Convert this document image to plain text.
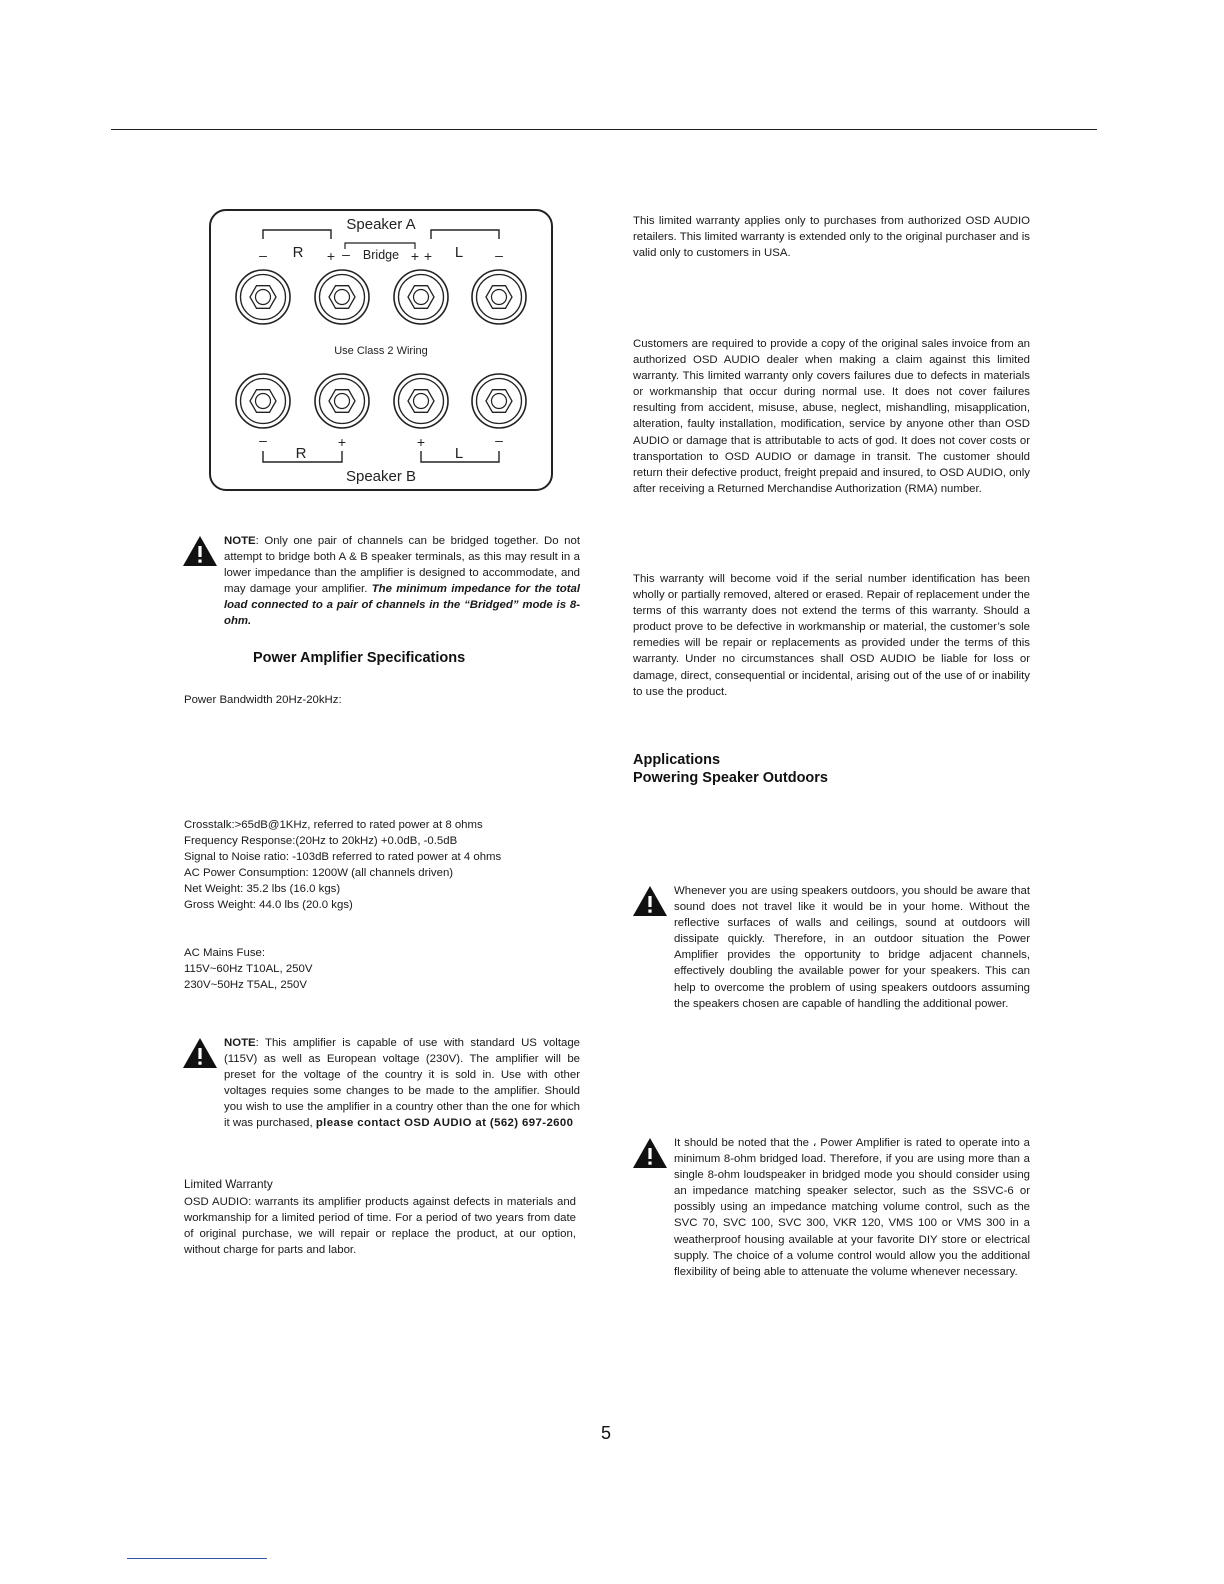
Speaker A
Bridge
– R + –	+ + L –
Use Class 2 Wiring
–	+	+	–
R	L
Speaker B

NOTE: Only one pair of channels can be bridged together. Do not attempt to bridge both A & B speaker terminals, as this may result in a lower impedance than the amplifier is designed to accommodate, and may damage your amplifier. The minimum impedance for the total load connected to a pair of channels in the “Bridged” mode is 8-ohm.

Power Amplifier Specifications
Power Bandwidth 20Hz-20kHz:
Crosstalk:>65dB@1KHz, referred to rated power at 8 ohms
Frequency Response:(20Hz to 20kHz) +0.0dB, -0.5dB
Signal to Noise ratio: -103dB referred to rated power at 4 ohms
AC Power Consumption: 1200W (all channels driven)
Net Weight: 35.2 lbs (16.0 kgs)
Gross Weight: 44.0 lbs (20.0 kgs)
AC Mains Fuse:
115V~60Hz T10AL, 250V
230V~50Hz T5AL, 250V

NOTE: This amplifier is capable of use with standard US voltage (115V) as well as European voltage (230V). The amplifier will be preset for the voltage of the country it is sold in. Use with other voltages requies some changes to be made to the amplifier. Should you wish to use the amplifier in a country other than the one for which it was purchased, please contact OSD AUDIO at (562) 697-2600

Limited Warranty

OSD AUDIO: warrants its amplifier products against defects in materials and workmanship for a limited period of time. For a period of two years from date of original purchase, we will repair or replace the product, at our option, without charge for parts and labor.

This limited warranty applies only to purchases from authorized OSD AUDIO retailers. This limited warranty is extended only to the original purchaser and is valid only to customers in USA.

Customers are required to provide a copy of the original sales invoice from an authorized OSD AUDIO dealer when making a claim against this limited warranty. This limited warranty only covers failures due to defects in materials or workmanship that occur during normal use. It does not cover failures resulting from accident, misuse, abuse, neglect, mishandling, misapplication, alteration, faulty installation, modification, service by anyone other than OSD AUDIO or damage that is attributable to acts of god. It does not cover costs or transportation to OSD AUDIO or damage in transit. The customer should return their defective product, freight prepaid and insured, to OSD AUDIO, only after receiving a Returned Merchandise Authorization (RMA) number.

This warranty will become void if the serial number identification has been wholly or partially removed, altered or erased. Repair of replacement under the terms of this warranty does not extend the terms of this warranty. Should a product prove to be defective in workmanship or material, the customer’s sole remedies will be repair or replacements as provided under the terms of this warranty. Under no circumstances shall OSD AUDIO be liable for loss or damage, direct, consequential or incidental, arising out of the use of or inability to use the product.

Applications
Powering Speaker Outdoors

Whenever you are using speakers outdoors, you should be aware that sound does not travel like it would be in your home. Without the reflective surfaces of walls and ceilings, sound at outdoors will dissipate quickly. Therefore, in an outdoor situation the Power Amplifier provides the opportunity to bridge adjacent channels, effectively doubling the available power for your speakers. This can help to overcome the problem of using speakers outdoors assuming the speakers chosen are capable of handling the additional power.

It should be noted that the ، Power Amplifier is rated to operate into a minimum 8-ohm bridged load. Therefore, if you are using more than a single 8-ohm loudspeaker in bridged mode you should consider using an impedance matching speaker selector, such as the SSVC-6 or possibly using an impedance matching volume control, such as the SVC 70, SVC 100, SVC 300, VKR 120, VMS 100 or VMS 300 in a weatherproof housing available at your favorite DIY store or electrical supply. The choice of a volume control would allow you the additional flexibility of being able to attenuate the volume whenever necessary.

5
